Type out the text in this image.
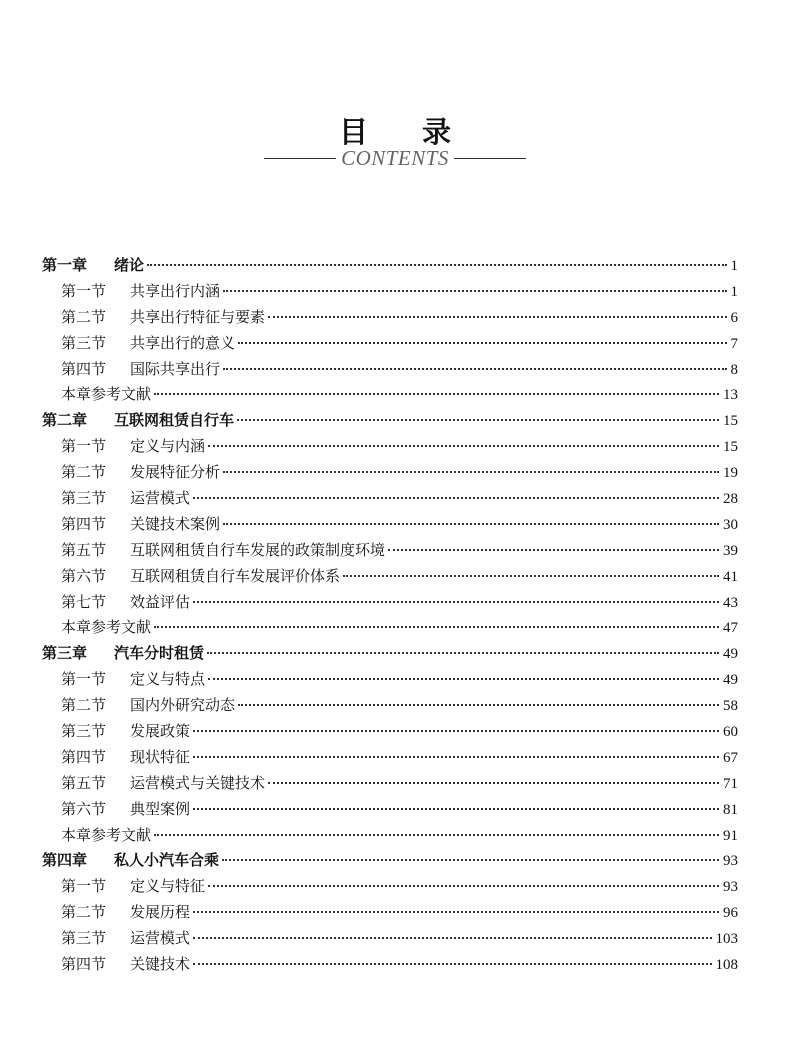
目 录
CONTENTS
第一章 绪论	1
第一节 共享出行内涵	1
第二节 共享出行特征与要素	6
第三节 共享出行的意义	7
第四节 国际共享出行	8
本章参考文献	13
第二章 互联网租赁自行车	15
第一节 定义与内涵	15
第二节 发展特征分析	19
第三节 运营模式	28
第四节 关键技术案例	30
第五节 互联网租赁自行车发展的政策制度环境	39
第六节 互联网租赁自行车发展评价体系	41
第七节 效益评估	43
本章参考文献	47
第三章 汽车分时租赁	49
第一节 定义与特点	49
第二节 国内外研究动态	58
第三节 发展政策	60
第四节 现状特征	67
第五节 运营模式与关键技术	71
第六节 典型案例	81
本章参考文献	91
第四章 私人小汽车合乘	93
第一节 定义与特征	93
第二节 发展历程	96
第三节 运营模式	103
第四节 关键技术	108
